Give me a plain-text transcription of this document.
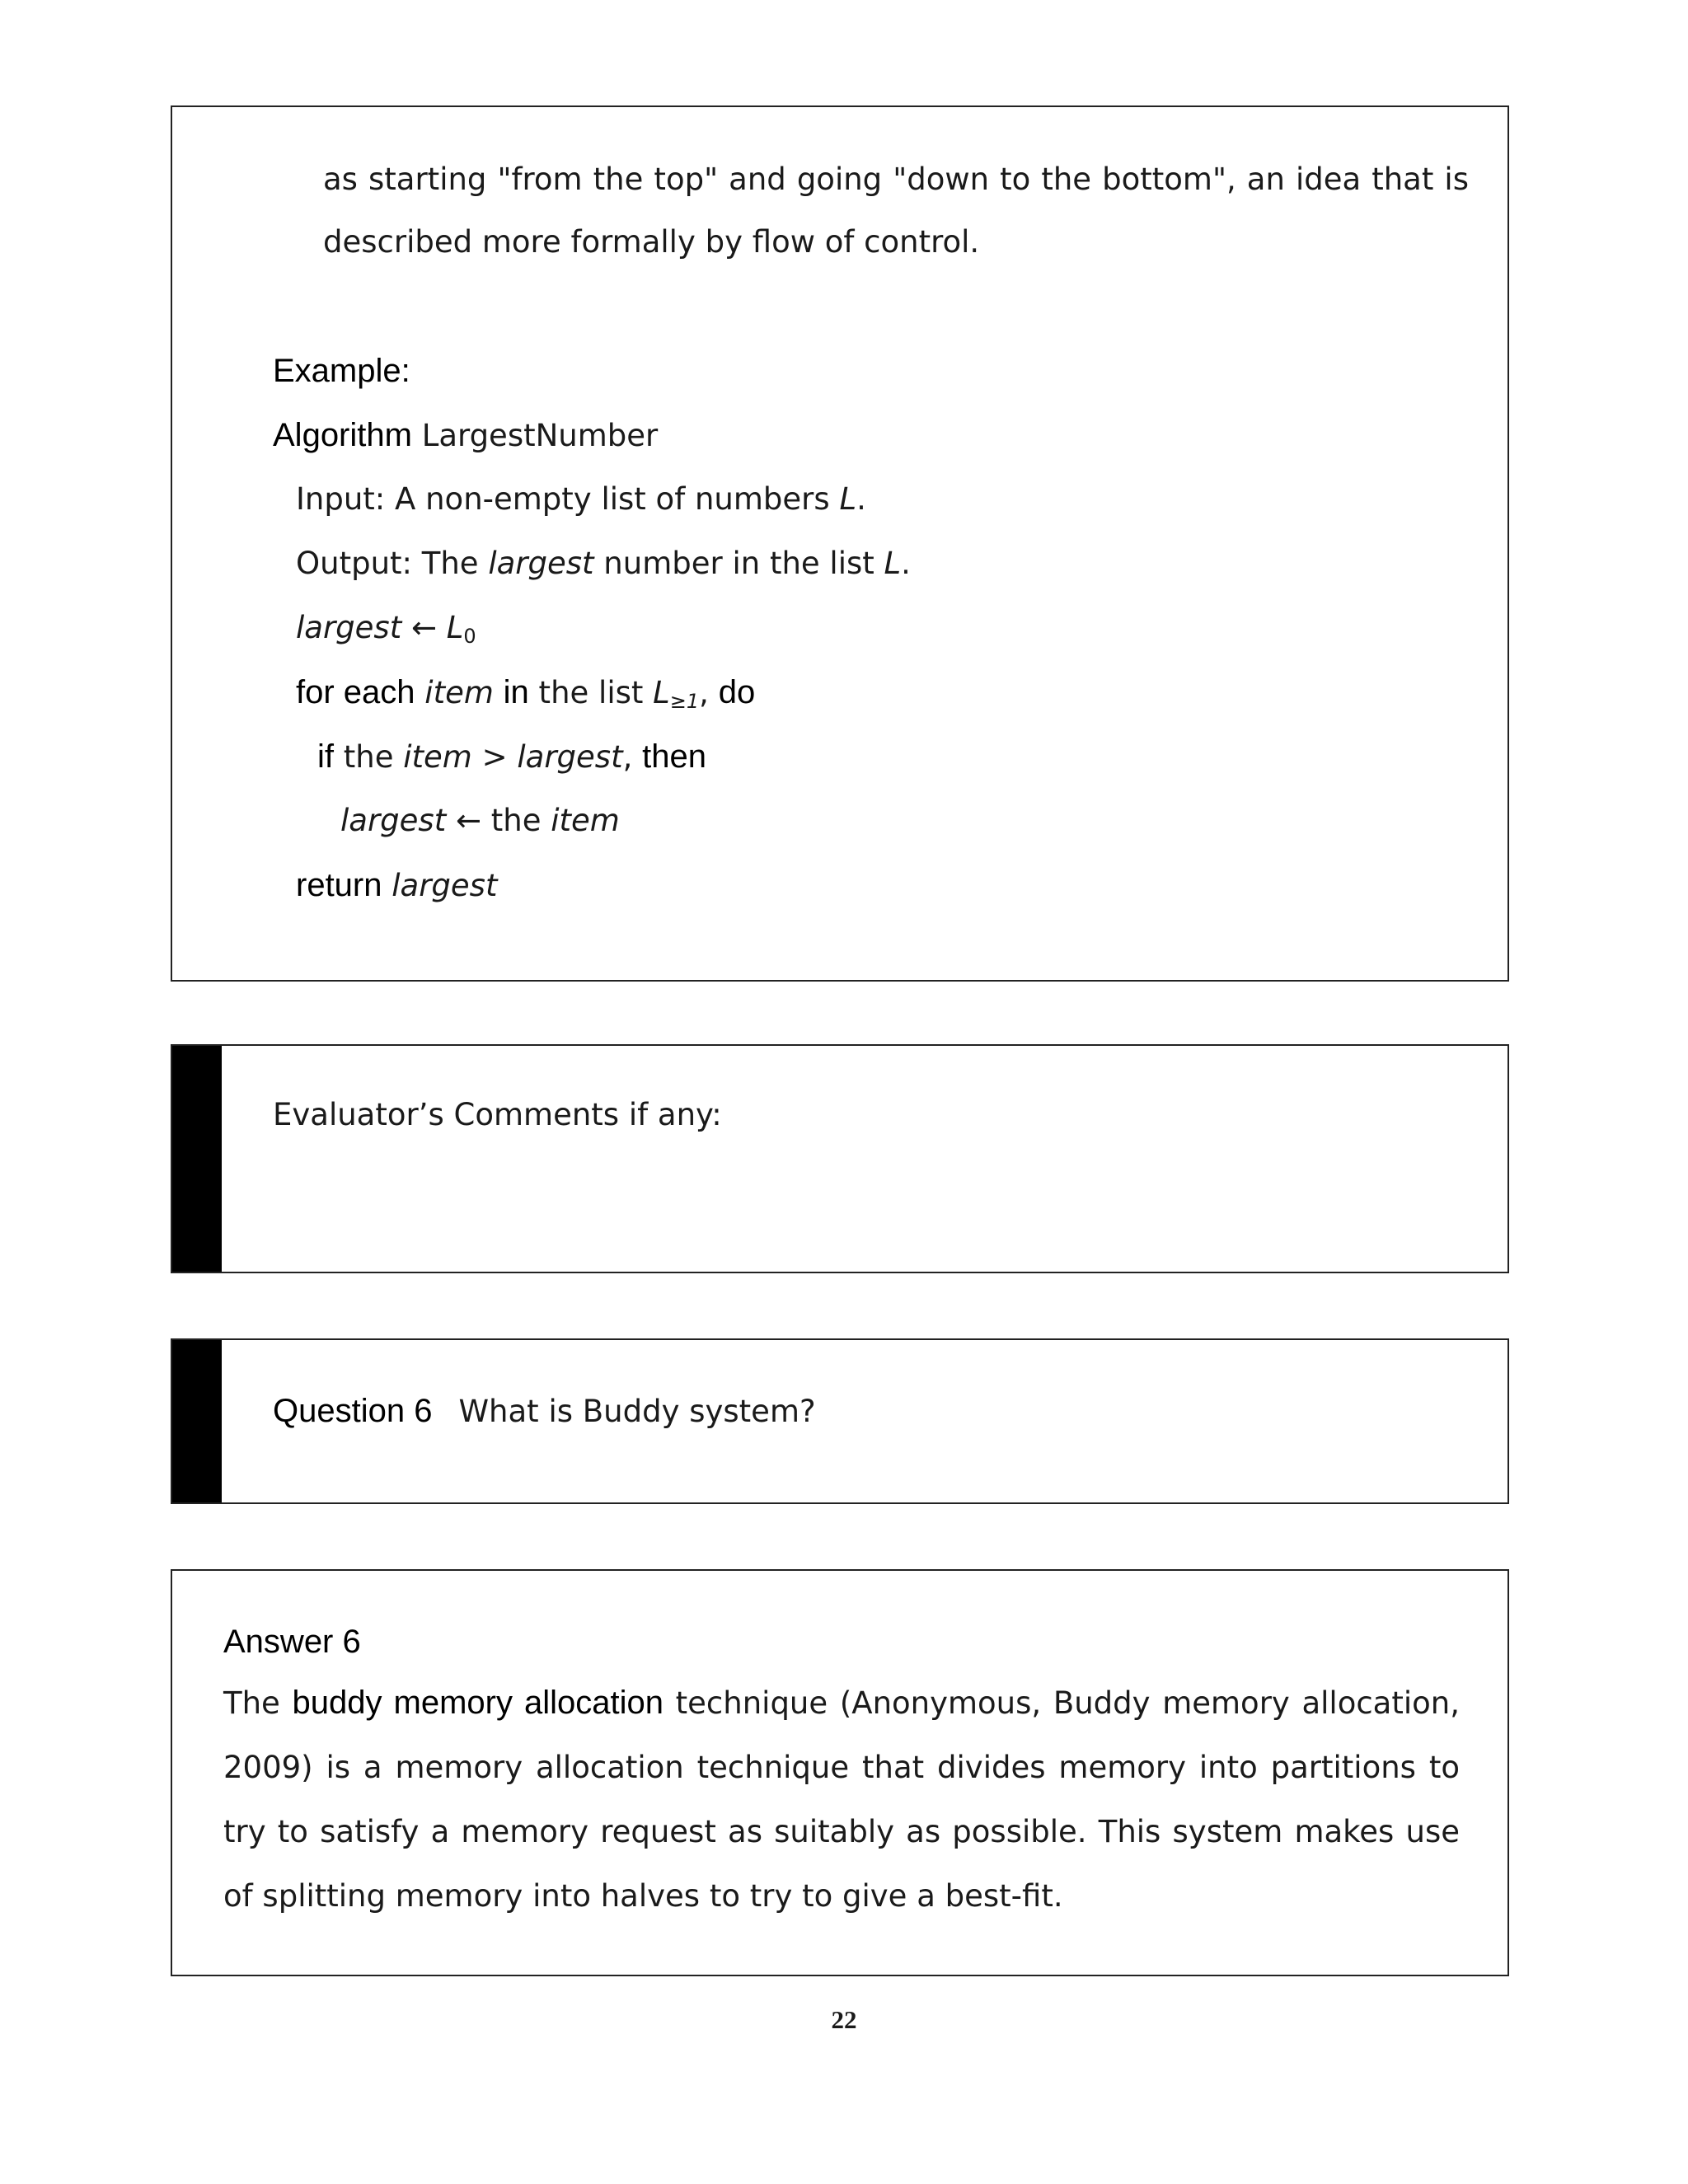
as starting "from the top" and going "down to the bottom", an idea that is
described more formally by flow of control.
Example:
Algorithm LargestNumber
Input: A non-empty list of numbers L.
Output: The largest number in the list L.
largest ← $L_0$
for each item in the list $L_{\ge 1}$, do
if the item > largest, then
largest ← the item
return largest
Evaluator’s Comments if any:
Question 6 What is Buddy system?
Answer 6
The buddy memory allocation technique (Anonymous, Buddy memory allocation, 2009) is a memory allocation technique that divides memory into partitions to try to satisfy a memory request as suitably as possible. This system makes use of splitting memory into halves to try to give a best-fit.
22
